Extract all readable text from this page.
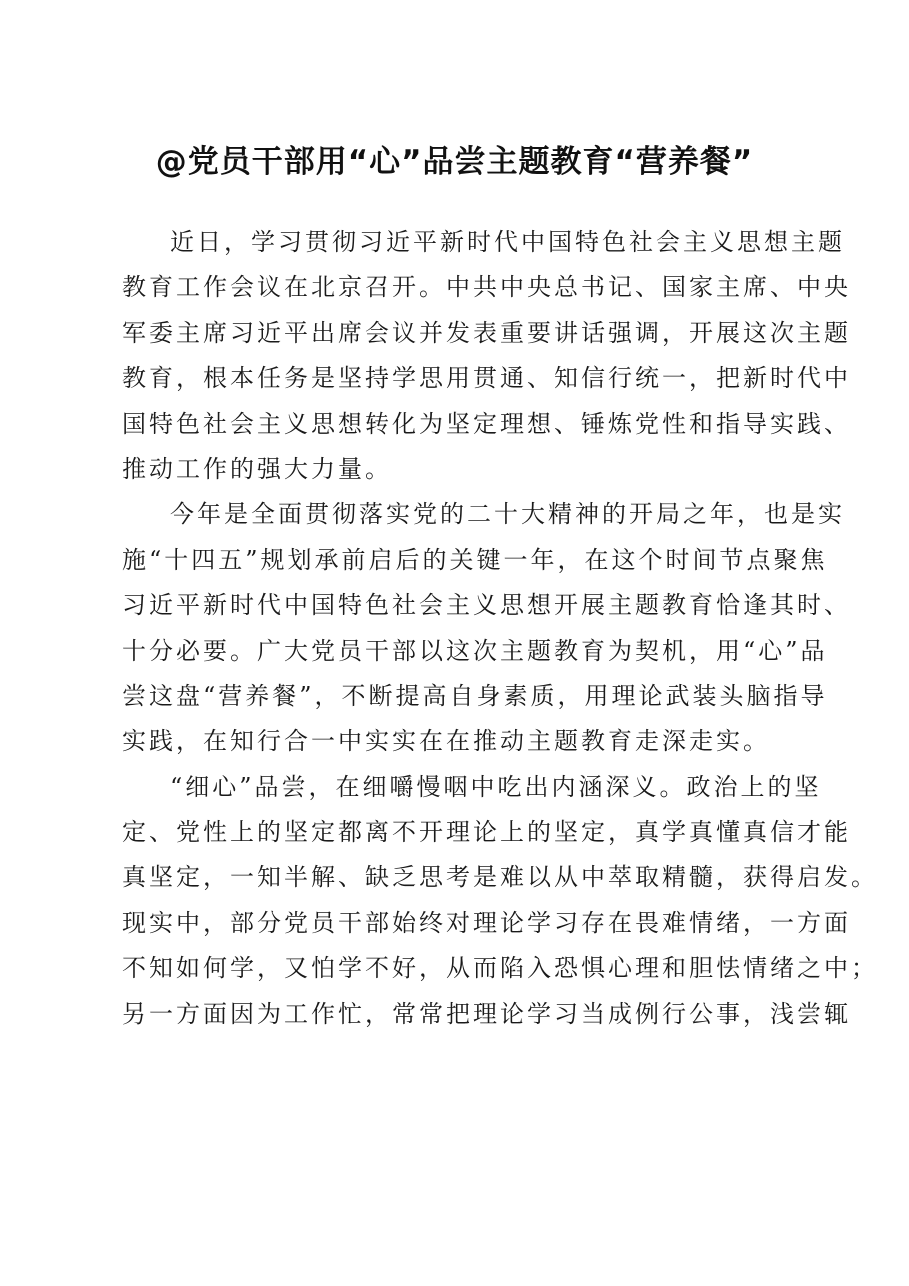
@党员干部用“心”品尝主题教育“营养餐”

近日，学习贯彻习近平新时代中国特色社会主义思想主题
教育工作会议在北京召开。中共中央总书记、国家主席、中央
军委主席习近平出席会议并发表重要讲话强调，开展这次主题
教育，根本任务是坚持学思用贯通、知信行统一，把新时代中
国特色社会主义思想转化为坚定理想、锤炼党性和指导实践、
推动工作的强大力量。

今年是全面贯彻落实党的二十大精神的开局之年，也是实
施“十四五”规划承前启后的关键一年，在这个时间节点聚焦
习近平新时代中国特色社会主义思想开展主题教育恰逢其时、
十分必要。广大党员干部以这次主题教育为契机，用“心”品
尝这盘“营养餐”，不断提高自身素质，用理论武装头脑指导
实践，在知行合一中实实在在推动主题教育走深走实。

“细心”品尝，在细嚼慢咽中吃出内涵深义。政治上的坚
定、党性上的坚定都离不开理论上的坚定，真学真懂真信才能
真坚定，一知半解、缺乏思考是难以从中萃取精髓，获得启发。
现实中，部分党员干部始终对理论学习存在畏难情绪，一方面
不知如何学，又怕学不好，从而陷入恐惧心理和胆怯情绪之中；
另一方面因为工作忙，常常把理论学习当成例行公事，浅尝辄
